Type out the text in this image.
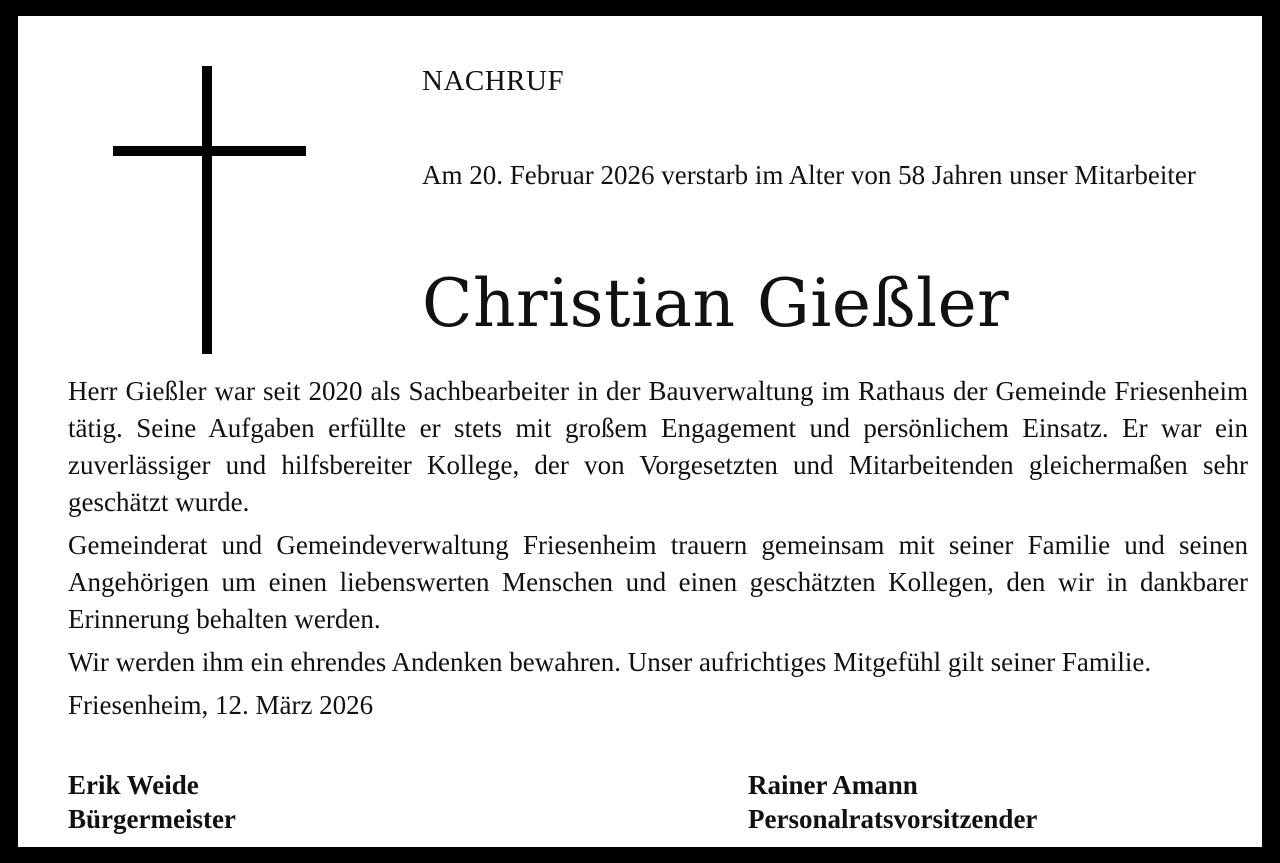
NACHRUF
Am 20. Februar 2026 verstarb im Alter von 58 Jahren unser Mitarbeiter
Christian Gießler

Herr Gießler war seit 2020 als Sachbearbeiter in der Bauverwaltung im Rathaus der Gemeinde Friesenheim tätig. Seine Aufgaben erfüllte er stets mit großem Engagement und persönlichem Einsatz. Er war ein zuverlässiger und hilfsbereiter Kollege, der von Vorgesetzten und Mitarbeitenden gleichermaßen sehr geschätzt wurde.

Gemeinderat und Gemeindeverwaltung Friesenheim trauern gemeinsam mit seiner Familie und seinen Angehörigen um einen liebenswerten Menschen und einen geschätzten Kollegen, den wir in dankbarer Erinnerung behalten werden.

Wir werden ihm ein ehrendes Andenken bewahren. Unser aufrichtiges Mitgefühl gilt seiner Familie.

Friesenheim, 12. März 2026

Erik Weide
Bürgermeister
Rainer Amann
Personalratsvorsitzender
